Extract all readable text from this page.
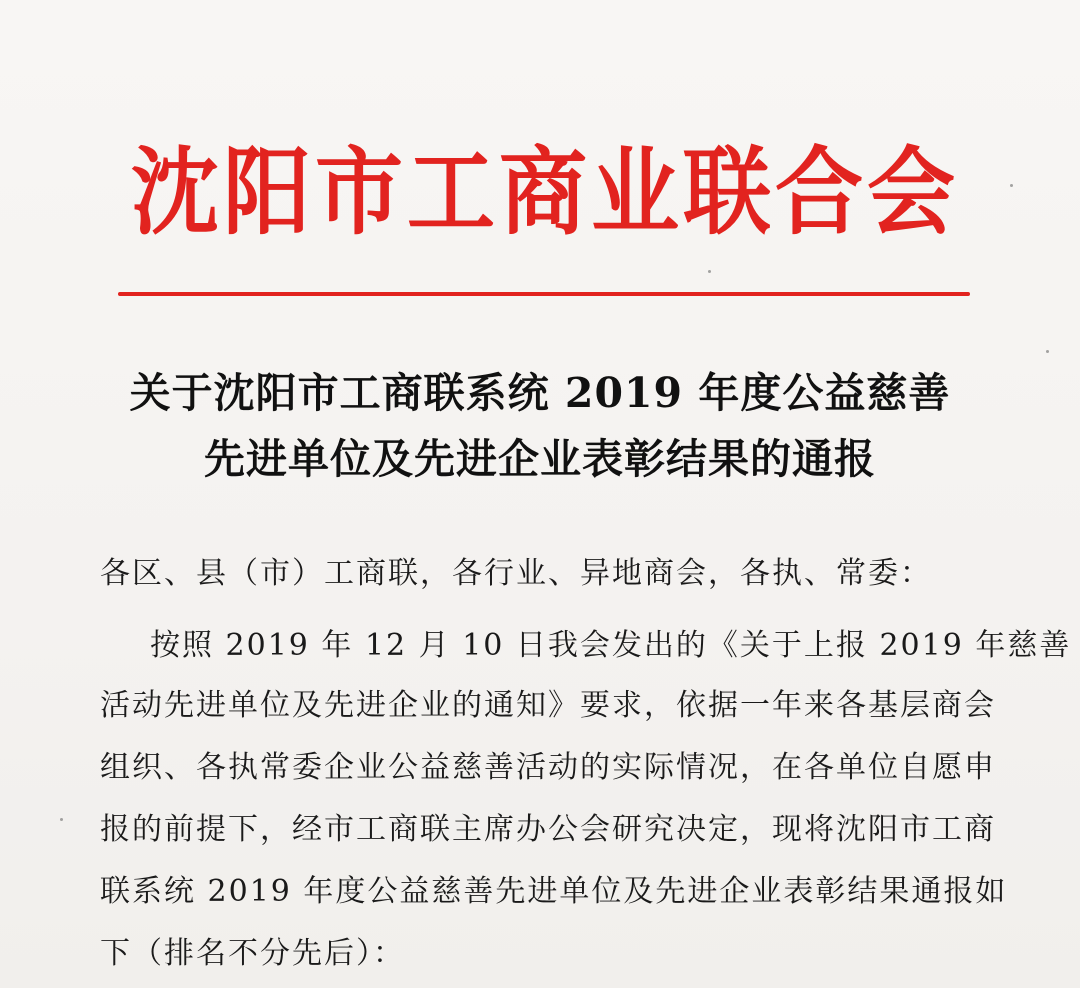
沈阳市工商业联合会
关于沈阳市工商联系统 2019 年度公益慈善
先进单位及先进企业表彰结果的通报
各区、县（市）工商联，各行业、异地商会，各执、常委：
按照 2019 年 12 月 10 日我会发出的《关于上报 2019 年慈善
活动先进单位及先进企业的通知》要求，依据一年来各基层商会
组织、各执常委企业公益慈善活动的实际情况，在各单位自愿申
报的前提下，经市工商联主席办公会研究决定，现将沈阳市工商
联系统 2019 年度公益慈善先进单位及先进企业表彰结果通报如
下（排名不分先后）：
